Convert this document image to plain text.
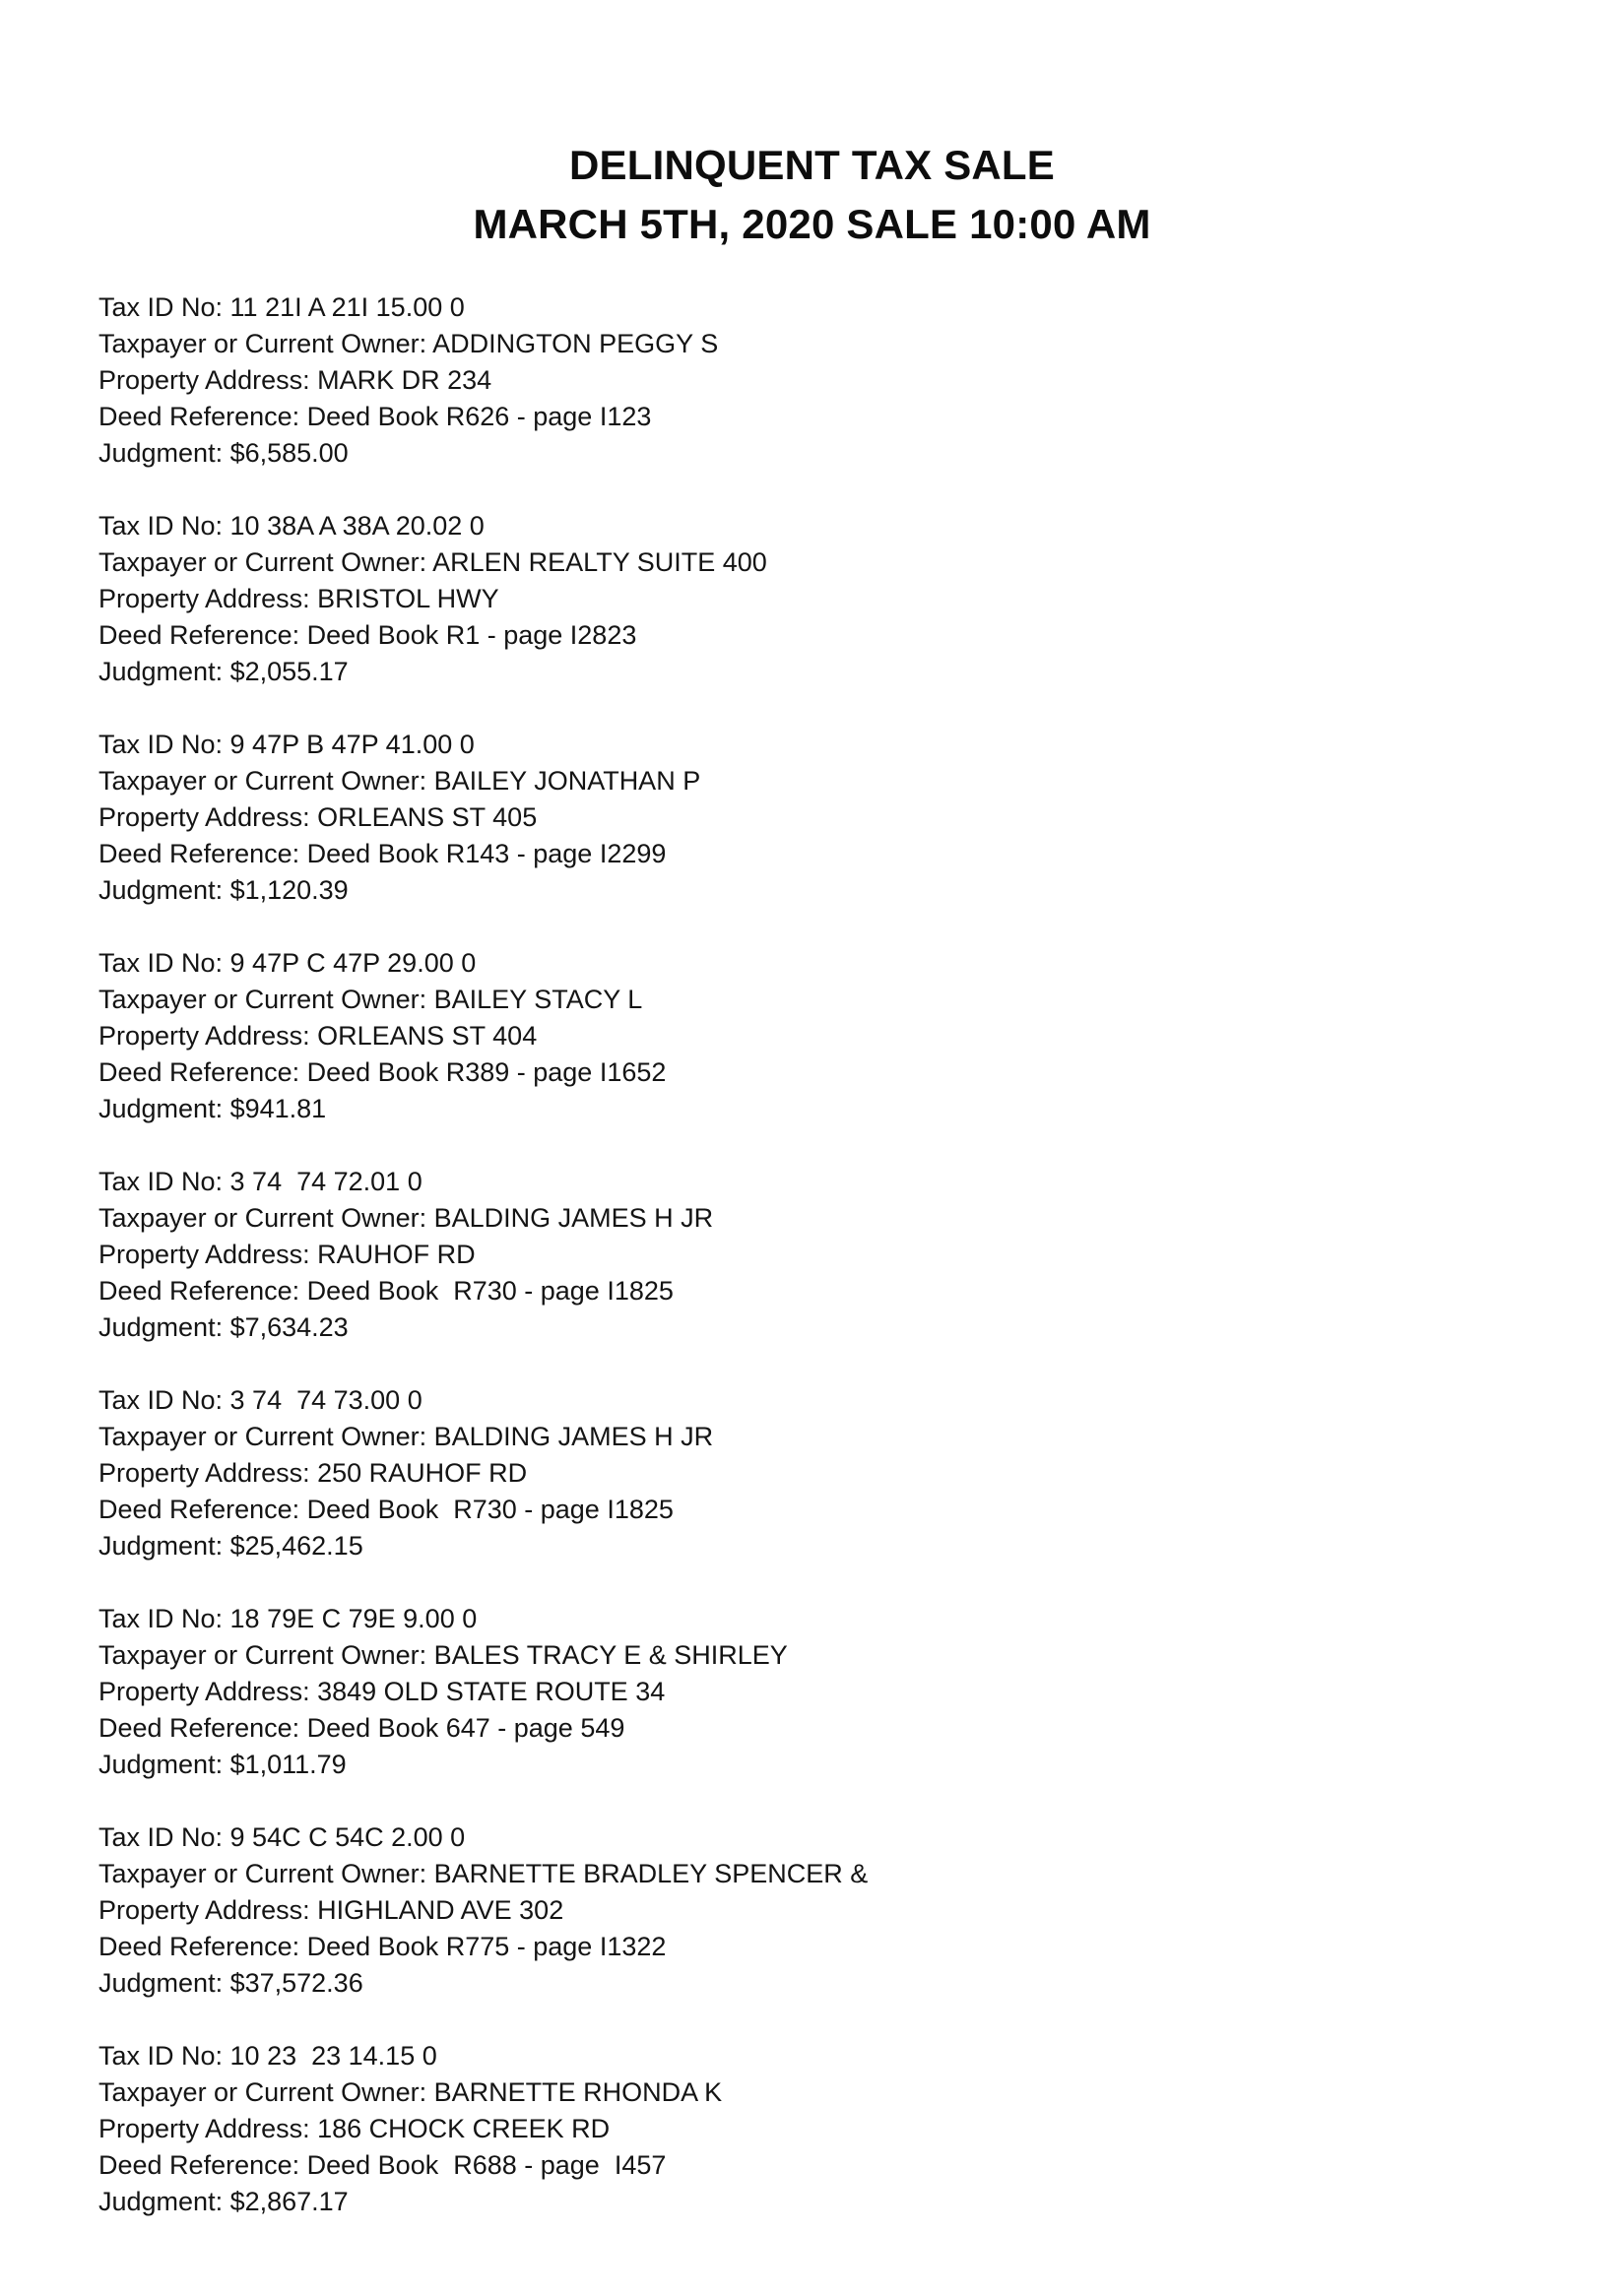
DELINQUENT TAX SALE
MARCH 5TH, 2020 SALE 10:00 AM
Tax ID No: 11 21I A 21I 15.00 0
Taxpayer or Current Owner: ADDINGTON PEGGY S
Property Address: MARK DR 234
Deed Reference: Deed Book R626 - page I123
Judgment: $6,585.00
Tax ID No: 10 38A A 38A 20.02 0
Taxpayer or Current Owner: ARLEN REALTY SUITE 400
Property Address: BRISTOL HWY
Deed Reference: Deed Book R1 - page I2823
Judgment: $2,055.17
Tax ID No: 9 47P B 47P 41.00 0
Taxpayer or Current Owner: BAILEY JONATHAN P
Property Address: ORLEANS ST 405
Deed Reference: Deed Book R143 - page I2299
Judgment: $1,120.39
Tax ID No: 9 47P C 47P 29.00 0
Taxpayer or Current Owner: BAILEY STACY L
Property Address: ORLEANS ST 404
Deed Reference: Deed Book R389 - page I1652
Judgment: $941.81
Tax ID No: 3 74  74 72.01 0
Taxpayer or Current Owner: BALDING JAMES H JR
Property Address: RAUHOF RD
Deed Reference: Deed Book  R730 - page I1825
Judgment: $7,634.23
Tax ID No: 3 74  74 73.00 0
Taxpayer or Current Owner: BALDING JAMES H JR
Property Address: 250 RAUHOF RD
Deed Reference: Deed Book  R730 - page I1825
Judgment: $25,462.15
Tax ID No: 18 79E C 79E 9.00 0
Taxpayer or Current Owner: BALES TRACY E & SHIRLEY
Property Address: 3849 OLD STATE ROUTE 34
Deed Reference: Deed Book 647 - page 549
Judgment: $1,011.79
Tax ID No: 9 54C C 54C 2.00 0
Taxpayer or Current Owner: BARNETTE BRADLEY SPENCER &
Property Address: HIGHLAND AVE 302
Deed Reference: Deed Book R775 - page I1322
Judgment: $37,572.36
Tax ID No: 10 23  23 14.15 0
Taxpayer or Current Owner: BARNETTE RHONDA K
Property Address: 186 CHOCK CREEK RD
Deed Reference: Deed Book  R688 - page  I457
Judgment: $2,867.17
